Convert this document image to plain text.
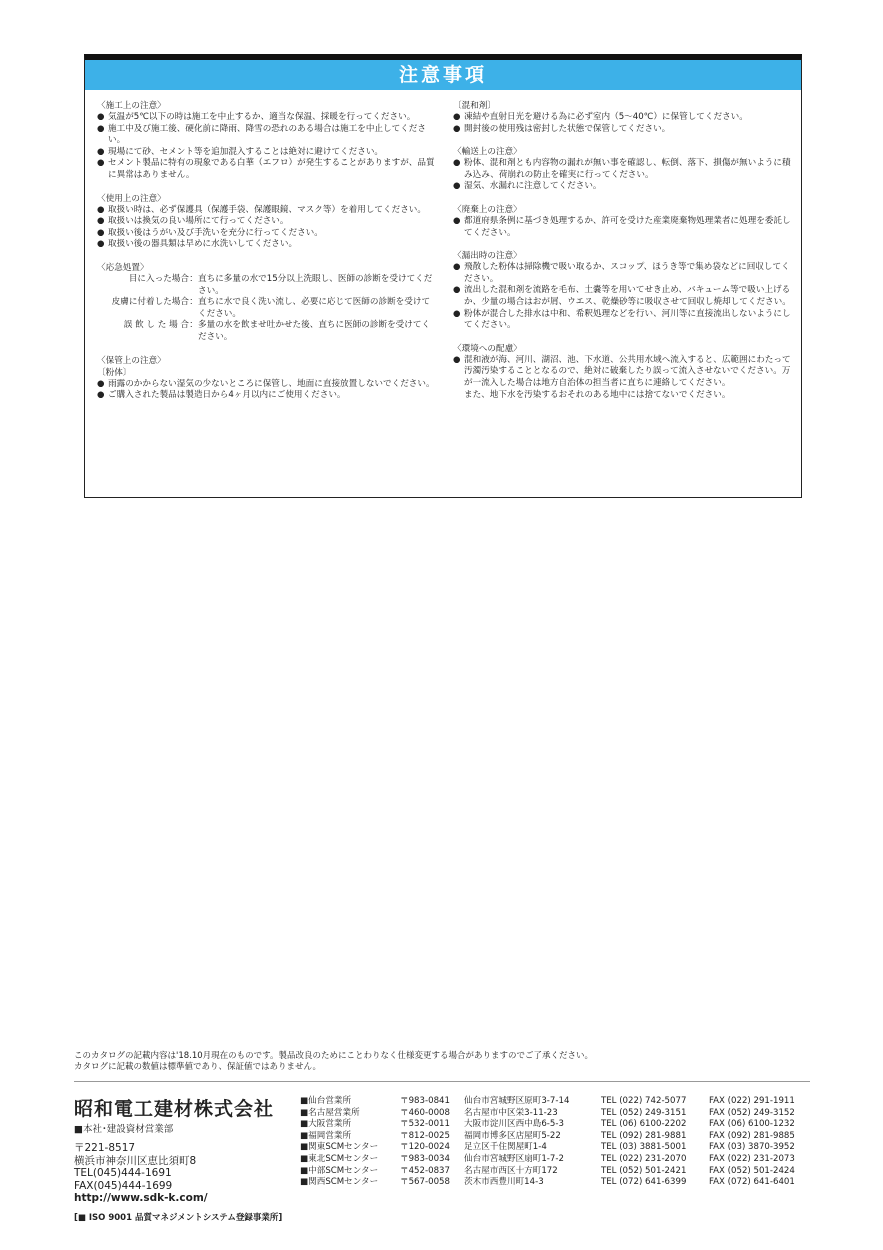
注意事項

〈施工上の注意〉

● 気温が5℃以下の時は施工を中止するか、適当な保温、採暖を行ってください。

● 施工中及び施工後、硬化前に降雨、降雪の恐れのある場合は施工を中止してください。

● 現場にて砂、セメント等を追加混入することは絶対に避けてください。

● セメント製品に特有の現象である白華（エフロ）が発生することがありますが、品質に異常はありません。

〈使用上の注意〉

● 取扱い時は、必ず保護具（保護手袋、保護眼鏡、マスク等）を着用してください。

● 取扱いは換気の良い場所にて行ってください。

● 取扱い後はうがい及び手洗いを充分に行ってください。

● 取扱い後の器具類は早めに水洗いしてください。

〈応急処置〉

目に入った場合 ： 直ちに多量の水で15分以上洗眼し、医師の診断を受けてください。
皮膚に付着した場合 ： 直ちに水で良く洗い流し、必要に応じて医師の診断を受けてください。
誤 飲 し た 場 合 ： 多量の水を飲ませ吐かせた後、直ちに医師の診断を受けてください。

〈保管上の注意〉

〔粉体〕

● 雨露のかからない湿気の少ないところに保管し、地面に直接放置しないでください。

● ご購入された製品は製造日から4ヶ月以内にご使用ください。

〔混和剤〕

● 凍結や直射日光を避ける為に必ず室内（5〜40℃）に保管してください。

● 開封後の使用残は密封した状態で保管してください。

〈輸送上の注意〉

● 粉体、混和剤とも内容物の漏れが無い事を確認し、転倒、落下、損傷が無いように積み込み、荷崩れの防止を確実に行ってください。

● 湿気、水漏れに注意してください。

〈廃棄上の注意〉

● 都道府県条例に基づき処理するか、許可を受けた産業廃棄物処理業者に処理を委託してください。

〈漏出時の注意〉

● 飛散した粉体は掃除機で吸い取るか、スコップ、ほうき等で集め袋などに回収してください。

● 流出した混和剤を流路を毛布、土嚢等を用いてせき止め、バキューム等で吸い上げるか、少量の場合はおが屑、ウエス、乾燥砂等に吸収させて回収し焼却してください。

● 粉体が混合した排水は中和、希釈処理などを行い、河川等に直接流出しないようにしてください。

〈環境への配慮〉

● 混和液が海、河川、湖沼、池、下水道、公共用水域へ流入すると、広範囲にわたって汚濁汚染することとなるので、絶対に破棄したり誤って流入させないでください。万が一流入した場合は地方自治体の担当者に直ちに連絡してください。

また、地下水を汚染するおそれのある地中には捨てないでください。

このカタログの記載内容は'18.10月現在のものです。製品改良のためにことわりなく仕様変更する場合がありますのでご了承ください。

カタログに記載の数値は標準値であり、保証値ではありません。

昭和電工建材株式会社

■本社･建設資材営業部

〒221-8517

横浜市神奈川区恵比須町8

TEL(045)444-1691

FAX(045)444-1699

http://www.sdk-k.com/

[■ ISO 9001 品質マネジメントシステム登録事業所]
■ 仙台営業所	〒983-0841	仙台市宮城野区原町3-7-14	TEL (022) 742-5077	FAX (022) 291-1911
■ 名古屋営業所	〒460-0008	名古屋市中区栄3-11-23	TEL (052) 249-3151	FAX (052) 249-3152
■ 大阪営業所	〒532-0011	大阪市淀川区西中島6-5-3	TEL (06) 6100-2202	FAX (06) 6100-1232
■ 福岡営業所	〒812-0025	福岡市博多区店屋町5-22	TEL (092) 281-9881	FAX (092) 281-9885
■ 関東SCMセンター	〒120-0024	足立区千住関屋町1-4	TEL (03) 3881-5001	FAX (03) 3870-3952
■ 東北SCMセンター	〒983-0034	仙台市宮城野区扇町1-7-2	TEL (022) 231-2070	FAX (022) 231-2073
■ 中部SCMセンター	〒452-0837	名古屋市西区十方町172	TEL (052) 501-2421	FAX (052) 501-2424
■ 関西SCMセンター	〒567-0058	茨木市西豊川町14-3	TEL (072) 641-6399	FAX (072) 641-6401
